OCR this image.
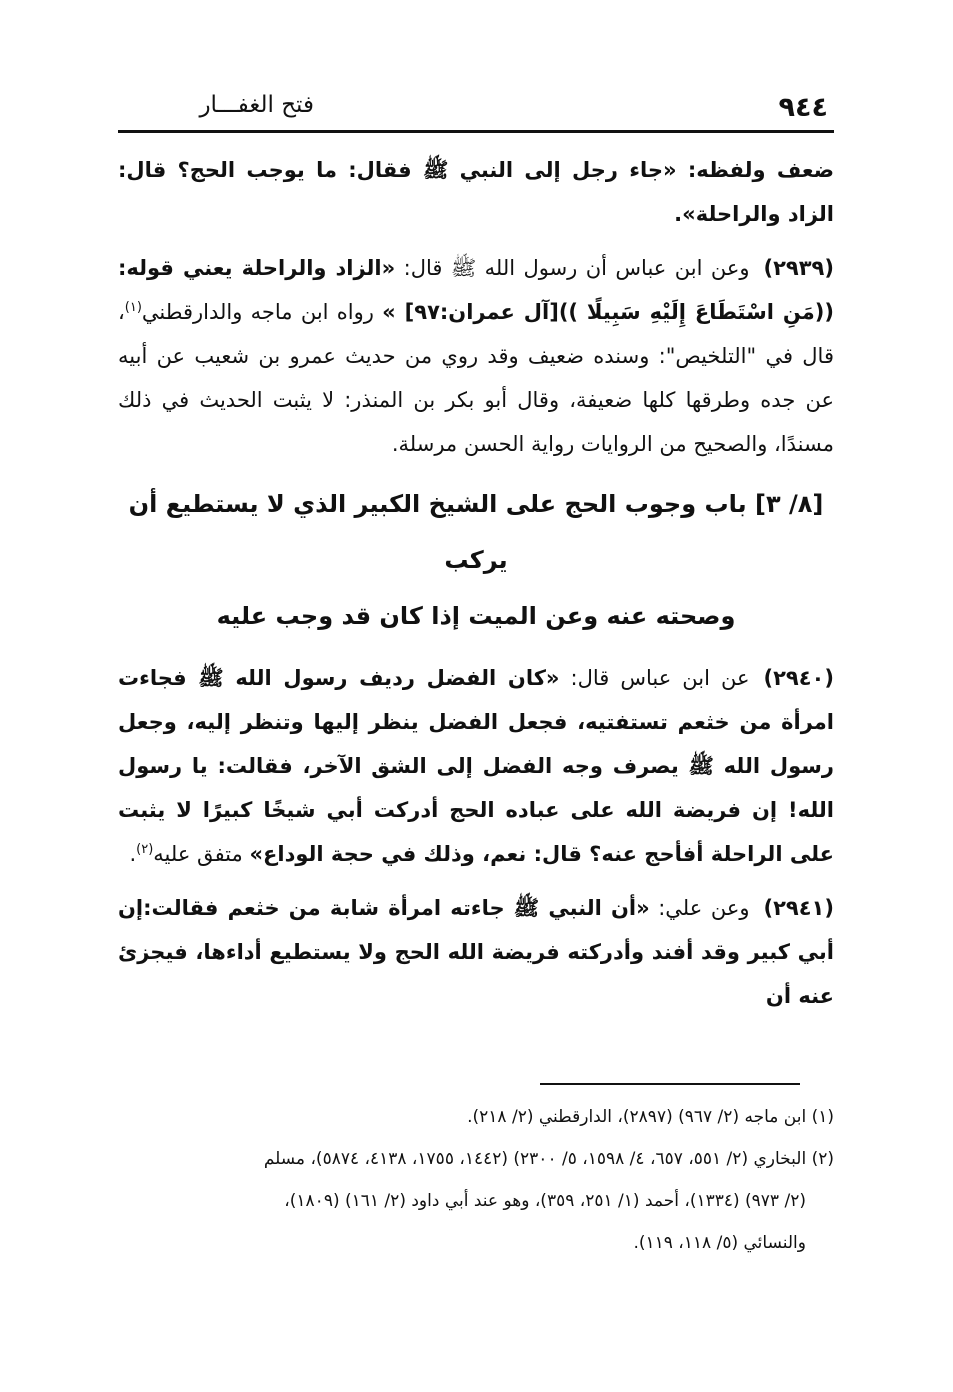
٩٤٤
فتح الغفـــار

ضعف ولفظه: «جاء رجل إلى النبي ﷺ فقال: ما يوجب الحج؟ قال: الزاد والراحلة».

(٢٩٣٩)وعن ابن عباس أن رسول الله ﷺ قال: «الزاد والراحلة يعني قوله: ((مَنِ اسْتَطَاعَ إِلَيْهِ سَبِيلًا ))[آل عمران:٩٧] » رواه ابن ماجه والدارقطني$^{(١)}$، قال في "التلخيص": وسنده ضعيف وقد روي من حديث عمرو بن شعيب عن أبيه عن جده وطرقها كلها ضعيفة، وقال أبو بكر بن المنذر: لا يثبت الحديث في ذلك مسندًا، والصحيح من الروايات رواية الحسن مرسلة.

[٨/ ٣] باب وجوب الحج على الشيخ الكبير الذي لا يستطيع أن يركب
وصحته عنه وعن الميت إذا كان قد وجب عليه

(٢٩٤٠)عن ابن عباس قال: «كان الفضل رديف رسول الله ﷺ فجاءت امرأة من خثعم تستفتيه، فجعل الفضل ينظر إليها وتنظر إليه، وجعل رسول الله ﷺ يصرف وجه الفضل إلى الشق الآخر، فقالت: يا رسول الله! إن فريضة الله على عباده الحج أدركت أبي شيخًا كبيرًا لا يثبت على الراحلة أفأحج عنه؟ قال: نعم، وذلك في حجة الوداع» متفق عليه$^{(٢)}$.

(٢٩٤١)وعن علي: «أن النبي ﷺ جاءته امرأة شابة من خثعم فقالت:إن أبي كبير وقد أفند وأدركته فريضة الله الحج ولا يستطيع أداءها، فيجزئ عنه أن

(١) ابن ماجه (٢/ ٩٦٧) (٢٨٩٧)، الدارقطني (٢/ ٢١٨).

(٢) البخاري (٢/ ٥٥١، ٦٥٧، ٤/ ١٥٩٨، ٥/ ٢٣٠٠) (١٤٤٢، ١٧٥٥، ٤١٣٨، ٥٨٧٤)، مسلم

(٢/ ٩٧٣) (١٣٣٤)، أحمد (١/ ٢٥١، ٣٥٩)، وهو عند أبي داود (٢/ ١٦١) (١٨٠٩)،

والنسائي (٥/ ١١٨، ١١٩).
